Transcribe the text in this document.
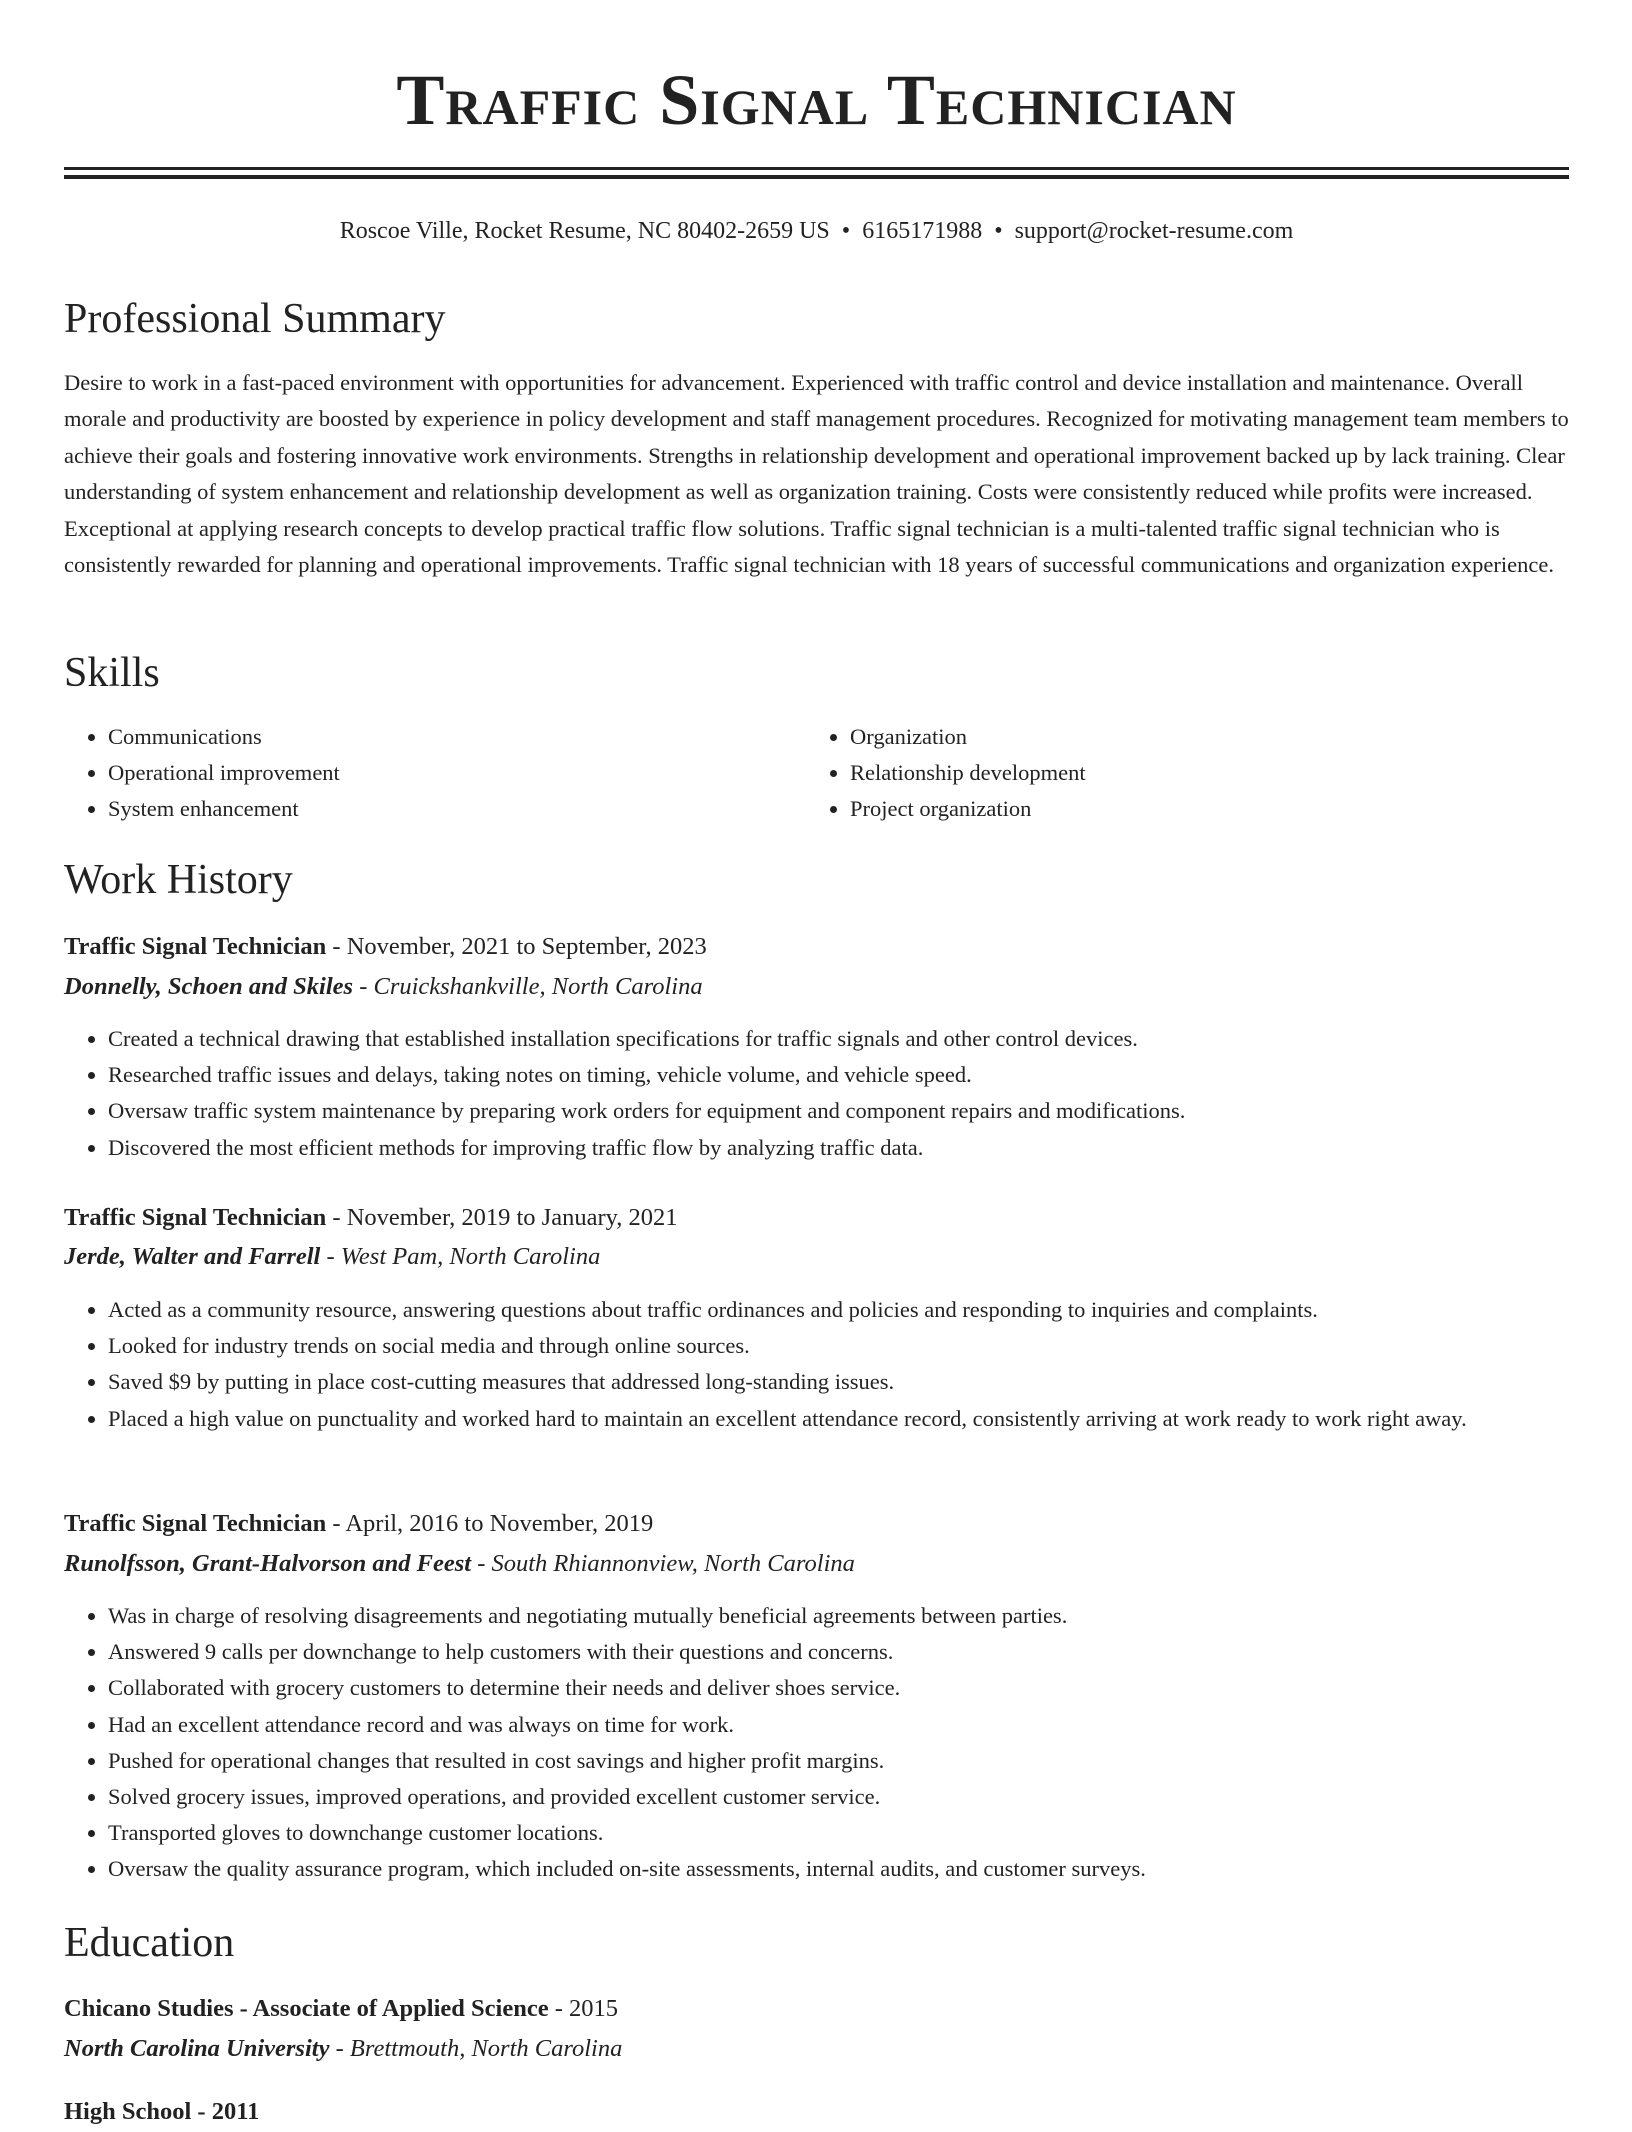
Traffic Signal Technician
Roscoe Ville, Rocket Resume, NC 80402-2659 US • 6165171988 • support@rocket-resume.com
Professional Summary

Desire to work in a fast-paced environment with opportunities for advancement. Experienced with traffic control and device installation and maintenance. Overall morale and productivity are boosted by experience in policy development and staff management procedures. Recognized for motivating management team members to achieve their goals and fostering innovative work environments. Strengths in relationship development and operational improvement backed up by lack training. Clear understanding of system enhancement and relationship development as well as organization training. Costs were consistently reduced while profits were increased. Exceptional at applying research concepts to develop practical traffic flow solutions. Traffic signal technician is a multi-talented traffic signal technician who is consistently rewarded for planning and operational improvements. Traffic signal technician with 18 years of successful communications and organization experience.

Skills
• Communications
• Operational improvement
• System enhancement
• Organization
• Relationship development
• Project organization
Work History
Traffic Signal Technician - November, 2021 to September, 2023
Donnelly, Schoen and Skiles - Cruickshankville, North Carolina
• Created a technical drawing that established installation specifications for traffic signals and other control devices.
• Researched traffic issues and delays, taking notes on timing, vehicle volume, and vehicle speed.
• Oversaw traffic system maintenance by preparing work orders for equipment and component repairs and modifications.
• Discovered the most efficient methods for improving traffic flow by analyzing traffic data.
Traffic Signal Technician - November, 2019 to January, 2021
Jerde, Walter and Farrell - West Pam, North Carolina
• Acted as a community resource, answering questions about traffic ordinances and policies and responding to inquiries and complaints.
• Looked for industry trends on social media and through online sources.
• Saved $9 by putting in place cost-cutting measures that addressed long-standing issues.
• Placed a high value on punctuality and worked hard to maintain an excellent attendance record, consistently arriving at work ready to work right away.
Traffic Signal Technician - April, 2016 to November, 2019
Runolfsson, Grant-Halvorson and Feest - South Rhiannonview, North Carolina
• Was in charge of resolving disagreements and negotiating mutually beneficial agreements between parties.
• Answered 9 calls per downchange to help customers with their questions and concerns.
• Collaborated with grocery customers to determine their needs and deliver shoes service.
• Had an excellent attendance record and was always on time for work.
• Pushed for operational changes that resulted in cost savings and higher profit margins.
• Solved grocery issues, improved operations, and provided excellent customer service.
• Transported gloves to downchange customer locations.
• Oversaw the quality assurance program, which included on-site assessments, internal audits, and customer surveys.
Education
Chicano Studies - Associate of Applied Science - 2015
North Carolina University - Brettmouth, North Carolina
High School - 2011
